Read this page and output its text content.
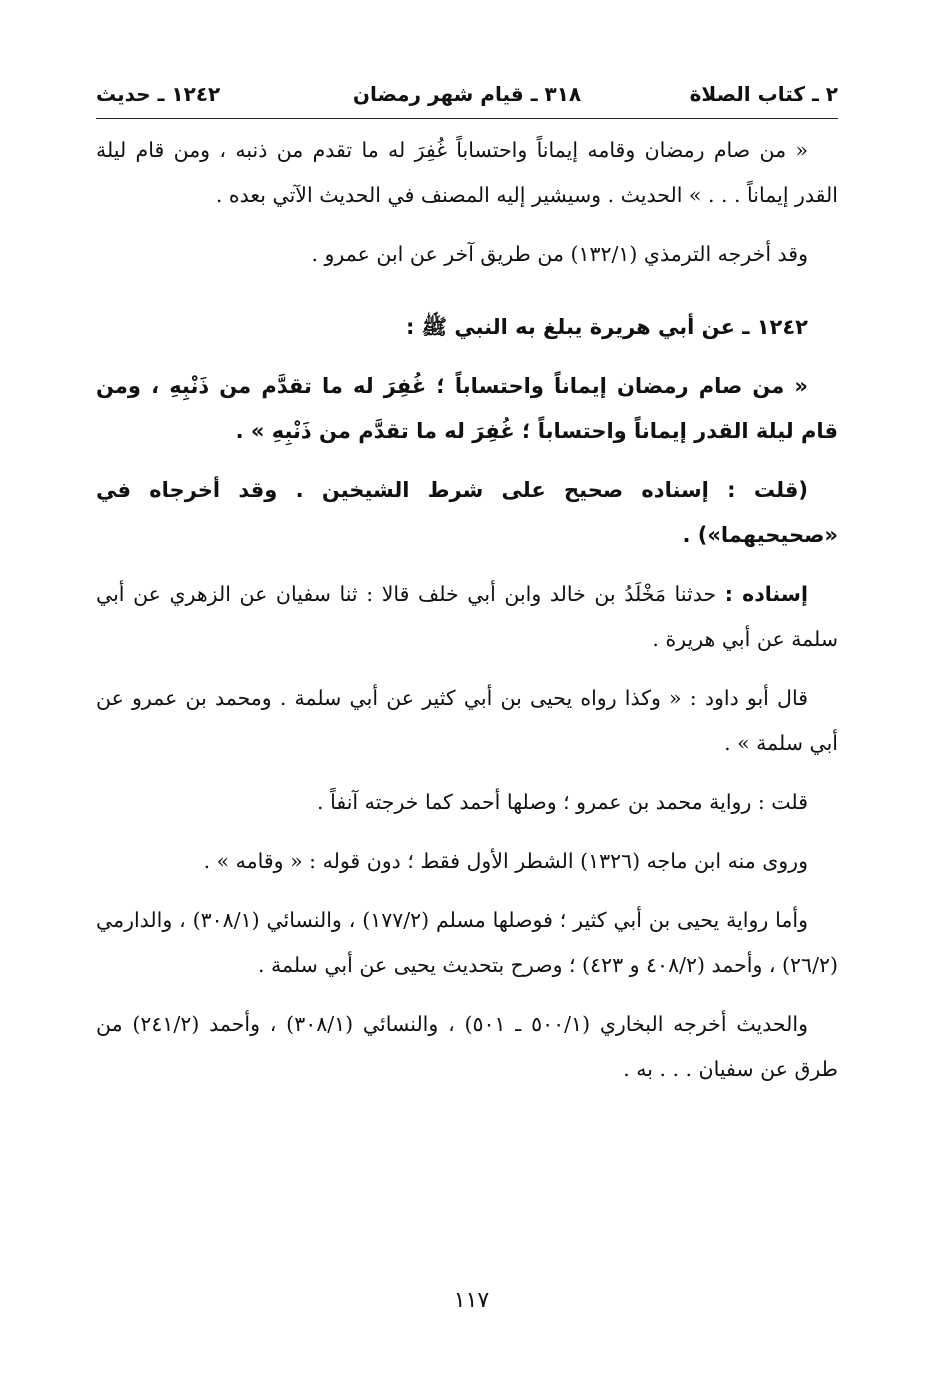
٢ ـ كتاب الصلاة
٣١٨ ـ قيام شهر رمضان
١٢٤٢ ـ حديث

« من صام رمضان وقامه إيماناً واحتساباً غُفِرَ له ما تقدم من ذنبه ، ومن قام ليلة القدر إيماناً . . . » الحديث . وسيشير إليه المصنف في الحديث الآتي بعده .

وقد أخرجه الترمذي (١٣٢/١) من طريق آخر عن ابن عمرو .

١٢٤٢ ـ عن أبي هريرة يبلغ به النبي ﷺ :

« من صام رمضان إيماناً واحتساباً ؛ غُفِرَ له ما تقدَّم من ذَنْبِهِ ، ومن قام ليلة القدر إيماناً واحتساباً ؛ غُفِرَ له ما تقدَّم من ذَنْبِهِ » .

(قلت : إسناده صحيح على شرط الشيخين . وقد أخرجاه في «صحيحيهما») .

إسناده : حدثنا مَخْلَدُ بن خالد وابن أبي خلف قالا : ثنا سفيان عن الزهري عن أبي سلمة عن أبي هريرة .

قال أبو داود : « وكذا رواه يحيى بن أبي كثير عن أبي سلمة . ومحمد بن عمرو عن أبي سلمة » .

قلت : رواية محمد بن عمرو ؛ وصلها أحمد كما خرجته آنفاً .

وروى منه ابن ماجه (١٣٢٦) الشطر الأول فقط ؛ دون قوله : « وقامه » .

وأما رواية يحيى بن أبي كثير ؛ فوصلها مسلم (١٧٧/٢) ، والنسائي (٣٠٨/١) ، والدارمي (٢٦/٢) ، وأحمد (٤٠٨/٢ و ٤٢٣) ؛ وصرح بتحديث يحيى عن أبي سلمة .

والحديث أخرجه البخاري (٥٠٠/١ ـ ٥٠١) ، والنسائي (٣٠٨/١) ، وأحمد (٢٤١/٢) من طرق عن سفيان . . . به .

١١٧
